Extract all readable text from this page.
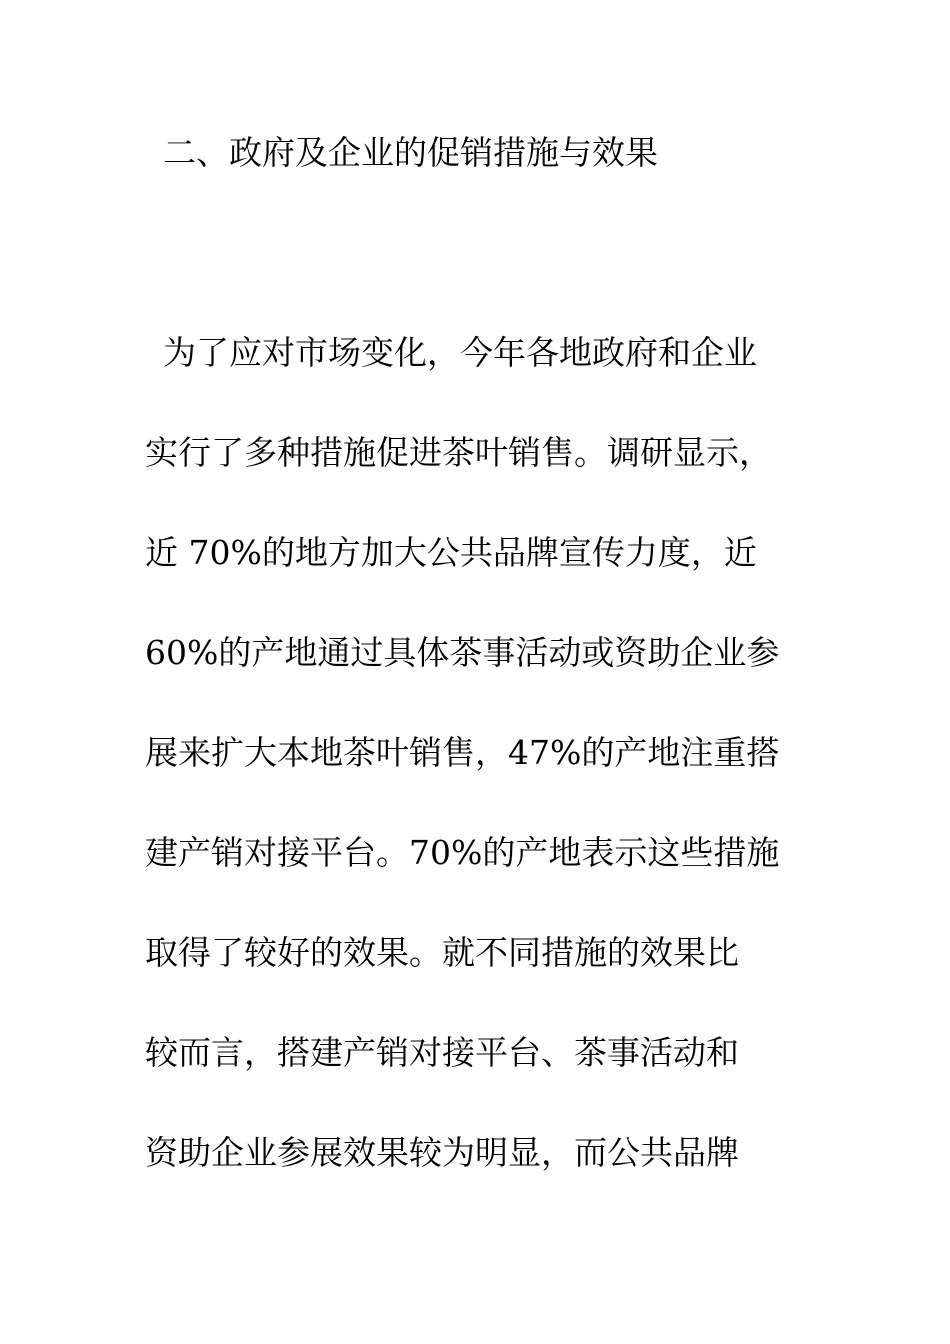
二、政府及企业的促销措施与效果
为了应对市场变化，今年各地政府和企业
实行了多种措施促进茶叶销售。调研显示，
近 70%的地方加大公共品牌宣传力度，近
60%的产地通过具体茶事活动或资助企业参
展来扩大本地茶叶销售，47%的产地注重搭
建产销对接平台。70%的产地表示这些措施
取得了较好的效果。就不同措施的效果比
较而言，搭建产销对接平台、茶事活动和
资助企业参展效果较为明显，而公共品牌
